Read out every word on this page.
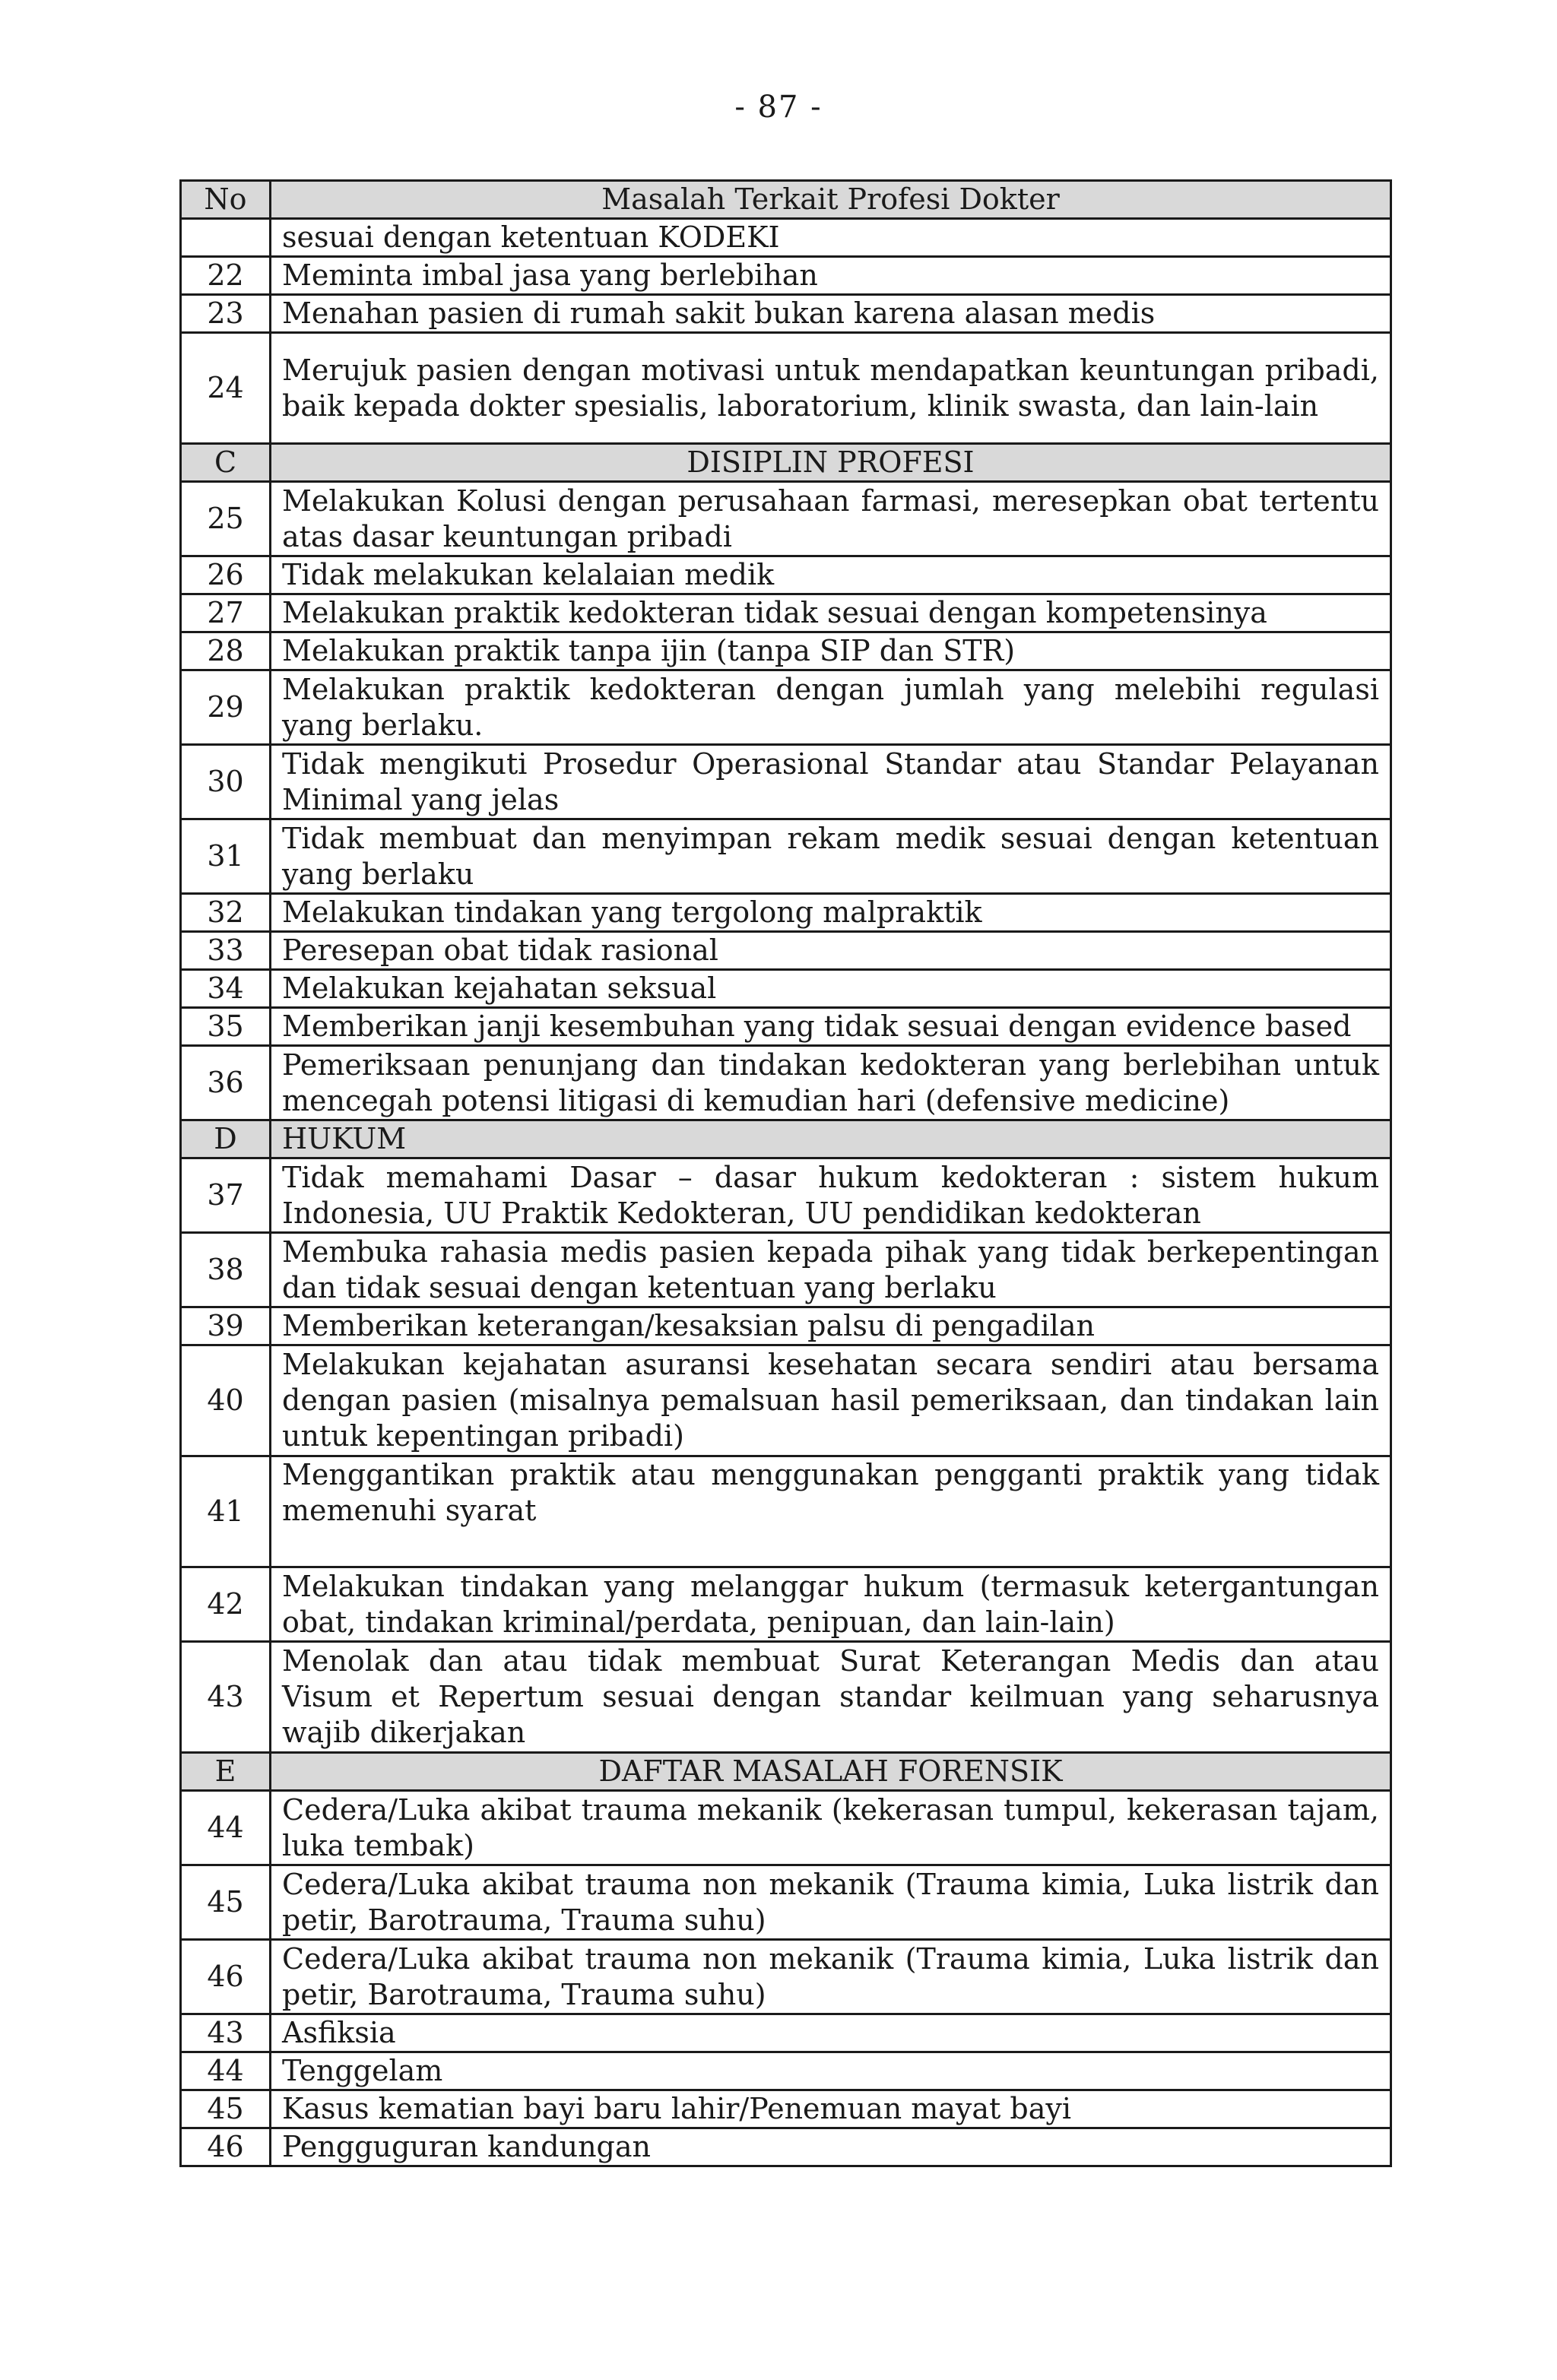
- 87 -
No	Masalah Terkait Profesi Dokter
	sesuai dengan ketentuan KODEKI
22	Meminta imbal jasa yang berlebihan
23	Menahan pasien di rumah sakit bukan karena alasan medis
24	Merujuk pasien dengan motivasi untuk mendapatkan keuntungan pribadi, baik kepada dokter spesialis, laboratorium, klinik swasta, dan lain-lain
C	DISIPLIN PROFESI
25	Melakukan Kolusi dengan perusahaan farmasi, meresepkan obat tertentu atas dasar keuntungan pribadi
26	Tidak melakukan kelalaian medik
27	Melakukan praktik kedokteran tidak sesuai dengan kompetensinya
28	Melakukan praktik tanpa ijin (tanpa SIP dan STR)
29	Melakukan praktik kedokteran dengan jumlah yang melebihi regulasi yang berlaku.
30	Tidak mengikuti Prosedur Operasional Standar atau Standar Pelayanan Minimal yang jelas
31	Tidak membuat dan menyimpan rekam medik sesuai dengan ketentuan yang berlaku
32	Melakukan tindakan yang tergolong malpraktik
33	Peresepan obat tidak rasional
34	Melakukan kejahatan seksual
35	Memberikan janji kesembuhan yang tidak sesuai dengan evidence based
36	Pemeriksaan penunjang dan tindakan kedokteran yang berlebihan untuk mencegah potensi litigasi di kemudian hari (defensive medicine)
D	HUKUM
37	Tidak memahami Dasar – dasar hukum kedokteran : sistem hukum Indonesia, UU Praktik Kedokteran, UU pendidikan kedokteran
38	Membuka rahasia medis pasien kepada pihak yang tidak berkepentingan dan tidak sesuai dengan ketentuan yang berlaku
39	Memberikan keterangan/kesaksian palsu di pengadilan
40	Melakukan kejahatan asuransi kesehatan secara sendiri atau bersama dengan pasien (misalnya pemalsuan hasil pemeriksaan, dan tindakan lain untuk kepentingan pribadi)
41	Menggantikan praktik atau menggunakan pengganti praktik yang tidak memenuhi syarat
42	Melakukan tindakan yang melanggar hukum (termasuk ketergantungan obat, tindakan kriminal/perdata, penipuan, dan lain-lain)
43	Menolak dan atau tidak membuat Surat Keterangan Medis dan atau Visum et Repertum sesuai dengan standar keilmuan yang seharusnya wajib dikerjakan
E	DAFTAR MASALAH FORENSIK
44	Cedera/Luka akibat trauma mekanik (kekerasan tumpul, kekerasan tajam, luka tembak)
45	Cedera/Luka akibat trauma non mekanik (Trauma kimia, Luka listrik dan petir, Barotrauma, Trauma suhu)
46	Cedera/Luka akibat trauma non mekanik (Trauma kimia, Luka listrik dan petir, Barotrauma, Trauma suhu)
43	Asfiksia
44	Tenggelam
45	Kasus kematian bayi baru lahir/Penemuan mayat bayi
46	Pengguguran kandungan
